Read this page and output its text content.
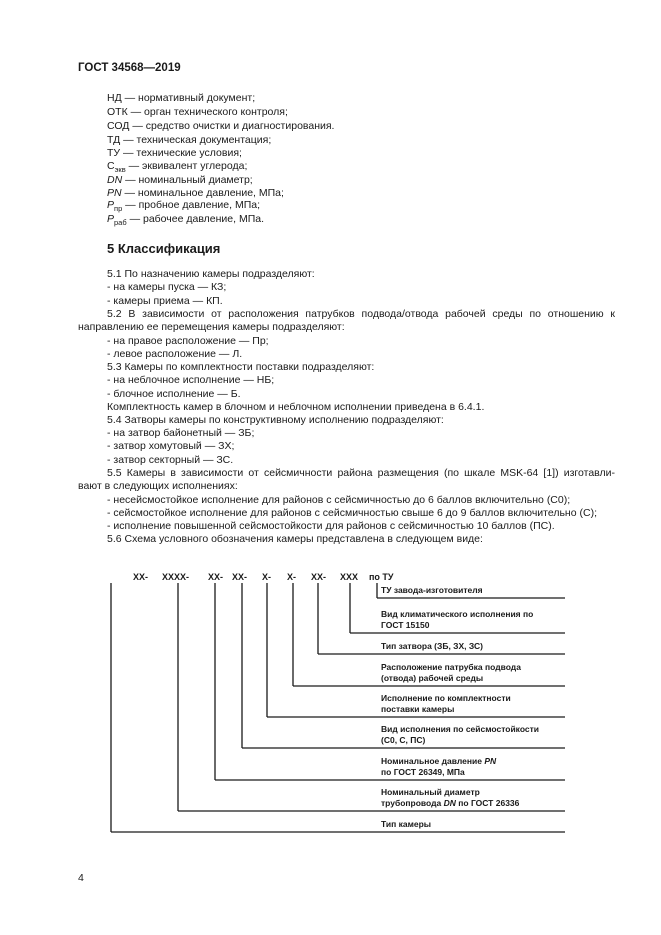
ГОСТ 34568—2019
НД — нормативный документ;
ОТК — орган технического контроля;
СОД — средство очистки и диагностирования.
ТД — техническая документация;
ТУ — технические условия;
$С_{экв}$ — эквивалент углерода;
DN — номинальный диаметр;
PN — номинальное давление, МПа;
$P_{пр}$ — пробное давление, МПа;
$P_{раб}$ — рабочее давление, МПа.
5 Классификация
5.1 По назначению камеры подразделяют:
- на камеры пуска — КЗ;
- камеры приема — КП.
5.2 В зависимости от расположения патрубков подвода/отвода рабочей среды по отношению к
направлению ее перемещения камеры подразделяют:
- на правое расположение — Пр;
- левое расположение — Л.
5.3 Камеры по комплектности поставки подразделяют:
- на неблочное исполнение — НБ;
- блочное исполнение — Б.
Комплектность камер в блочном и неблочном исполнении приведена в 6.4.1.
5.4 Затворы камеры по конструктивному исполнению подразделяют:
- на затвор байонетный — ЗБ;
- затвор хомутовый — ЗХ;
- затвор секторный — ЗС.
5.5 Камеры в зависимости от сейсмичности района размещения (по шкале MSK-64 [1]) изготавли-
вают в следующих исполнениях:
- несейсмостойкое исполнение для районов с сейсмичностью до 6 баллов включительно (С0);
- сейсмостойкое исполнение для районов с сейсмичностью свыше 6 до 9 баллов включительно (С);
- исполнение повышенной сейсмостойкости для районов с сейсмичностью 10 баллов (ПС).
5.6 Схема условного обозначения камеры представлена в следующем виде:
XX- XXXX- XX- XX- X- X- XX- XXX по ТУ
ТУ завода-изготовителя
Вид климатического исполнения по
ГОСТ 15150
Тип затвора (ЗБ, ЗХ, ЗС)
Расположение патрубка подвода
(отвода) рабочей среды
Исполнение по комплектности
поставки камеры
Вид исполнения по сейсмостойкости
(С0, С, ПС)
Номинальное давление PN
по ГОСТ 26349, МПа
Номинальный диаметр
трубопровода DN по ГОСТ 26336
Тип камеры
4
